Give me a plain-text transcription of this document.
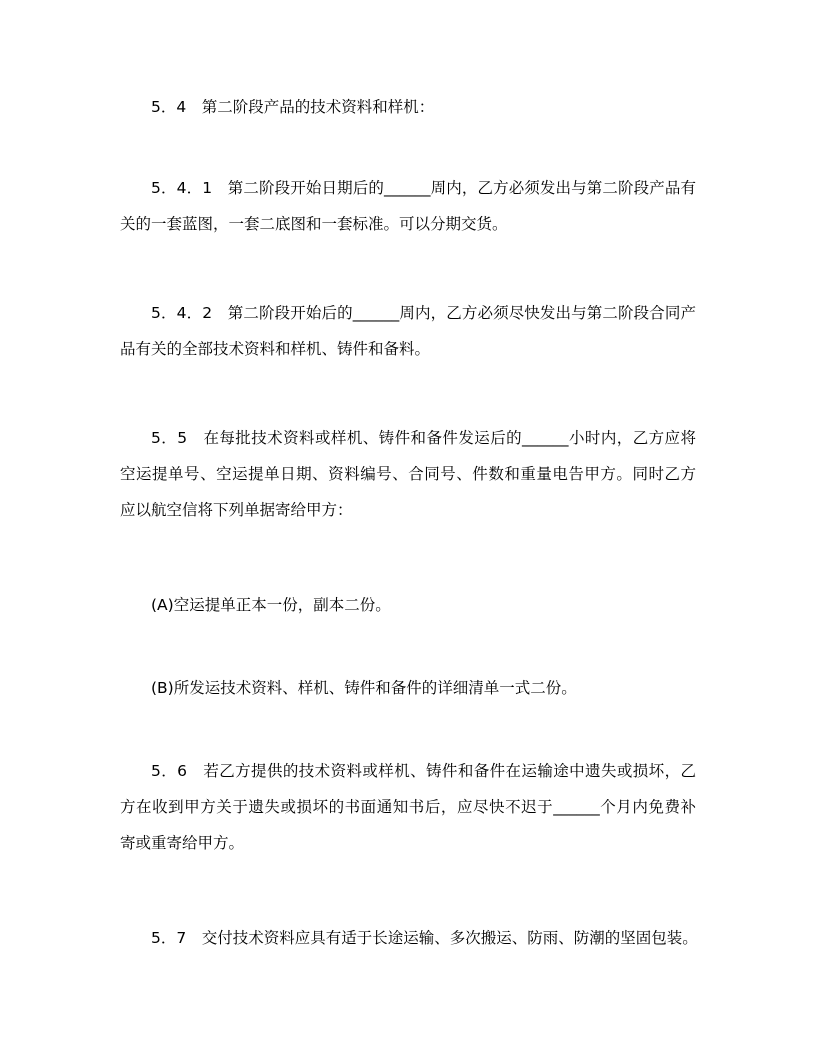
5．4　第二阶段产品的技术资料和样机：
5．4．1　第二阶段开始日期后的______周内，乙方必须发出与第二阶段产品有
关的一套蓝图，一套二底图和一套标准。可以分期交货。
5．4．2　第二阶段开始后的______周内，乙方必须尽快发出与第二阶段合同产
品有关的全部技术资料和样机、铸件和备料。
5．5　在每批技术资料或样机、铸件和备件发运后的______小时内，乙方应将
空运提单号、空运提单日期、资料编号、合同号、件数和重量电告甲方。同时乙方
应以航空信将下列单据寄给甲方：
(A)空运提单正本一份，副本二份。
(B)所发运技术资料、样机、铸件和备件的详细清单一式二份。
5．6　若乙方提供的技术资料或样机、铸件和备件在运输途中遗失或损坏，乙
方在收到甲方关于遗失或损坏的书面通知书后，应尽快不迟于______个月内免费补
寄或重寄给甲方。
5．7　交付技术资料应具有适于长途运输、多次搬运、防雨、防潮的坚固包装。
